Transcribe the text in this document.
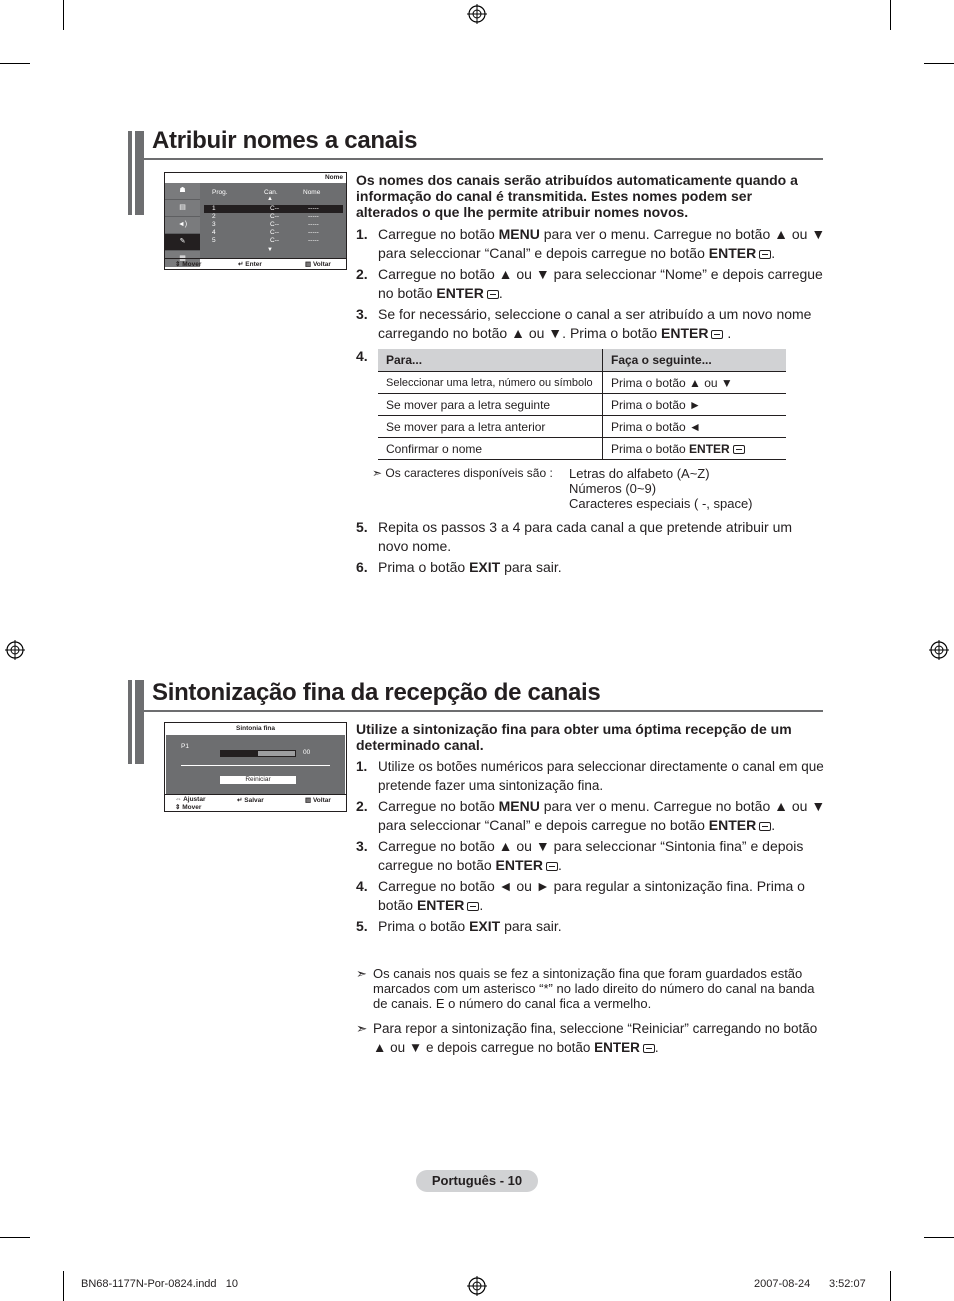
Atribuir nomes a canais
Nome
☗
▤
◄)
✎
▦
Prog.	Can.	Nome
▲
1	C--	-----
2	C--	-----
3	C--	-----
4	C--	-----
5	C--	-----
▼
⇕ Mover	↵ Enter	▥ Voltar
Os nomes dos canais serão atribuídos automaticamente quando a informação do canal é transmitida. Estes nomes podem ser alterados o que lhe permite atribuir nomes novos.
1. Carregue no botão MENU para ver o menu. Carregue no botão ▲ ou ▼ para seleccionar “Canal” e depois carregue no botão ENTER .
2. Carregue no botão ▲ ou ▼ para seleccionar “Nome” e depois carregue no botão ENTER .
3. Se for necessário, seleccione o canal a ser atribuído a um novo nome carregando no botão ▲ ou ▼. Prima o botão ENTER .
4. Para...	Faça o seguinte...
Seleccionar uma letra, número ou símbolo	Prima o botão ▲ ou ▼
Se mover para a letra seguinte	Prima o botão ►
Se mover para a letra anterior	Prima o botão ◄
Confirmar o nome	Prima o botão ENTER
➣ Os caracteres disponíveis são : Letras do alfabeto (A~Z)
Números (0~9)
Caracteres especiais ( -, space)
5. Repita os passos 3 a 4 para cada canal a que pretende atribuir um novo nome.
6. Prima o botão EXIT para sair.
Sintonização fina da recepção de canais
Sintonia fina
P1
00
Reiniciar
⇔ Ajustar
⇕ Mover
↵ Salvar	▥ Voltar
Utilize a sintonização fina para obter uma óptima recepção de um determinado canal.
1. Utilize os botões numéricos para seleccionar directamente o canal em que pretende fazer uma sintonização fina.
2. Carregue no botão MENU para ver o menu. Carregue no botão ▲ ou ▼ para seleccionar “Canal” e depois carregue no botão ENTER .
3. Carregue no botão ▲ ou ▼ para seleccionar “Sintonia fina” e depois carregue no botão ENTER .
4. Carregue no botão ◄ ou ► para regular a sintonização fina. Prima o botão ENTER .
5. Prima o botão EXIT para sair.
➣ Os canais nos quais se fez a sintonização fina que foram guardados estão marcados com um asterisco “*” no lado direito do número do canal na banda de canais. E o número do canal fica a vermelho.
➣ Para repor a sintonização fina, seleccione “Reiniciar” carregando no botão ▲ ou ▼ e depois carregue no botão ENTER .
Português - 10
BN68-1177N-Por-0824.indd   10	2007-08-24 3:52:07
